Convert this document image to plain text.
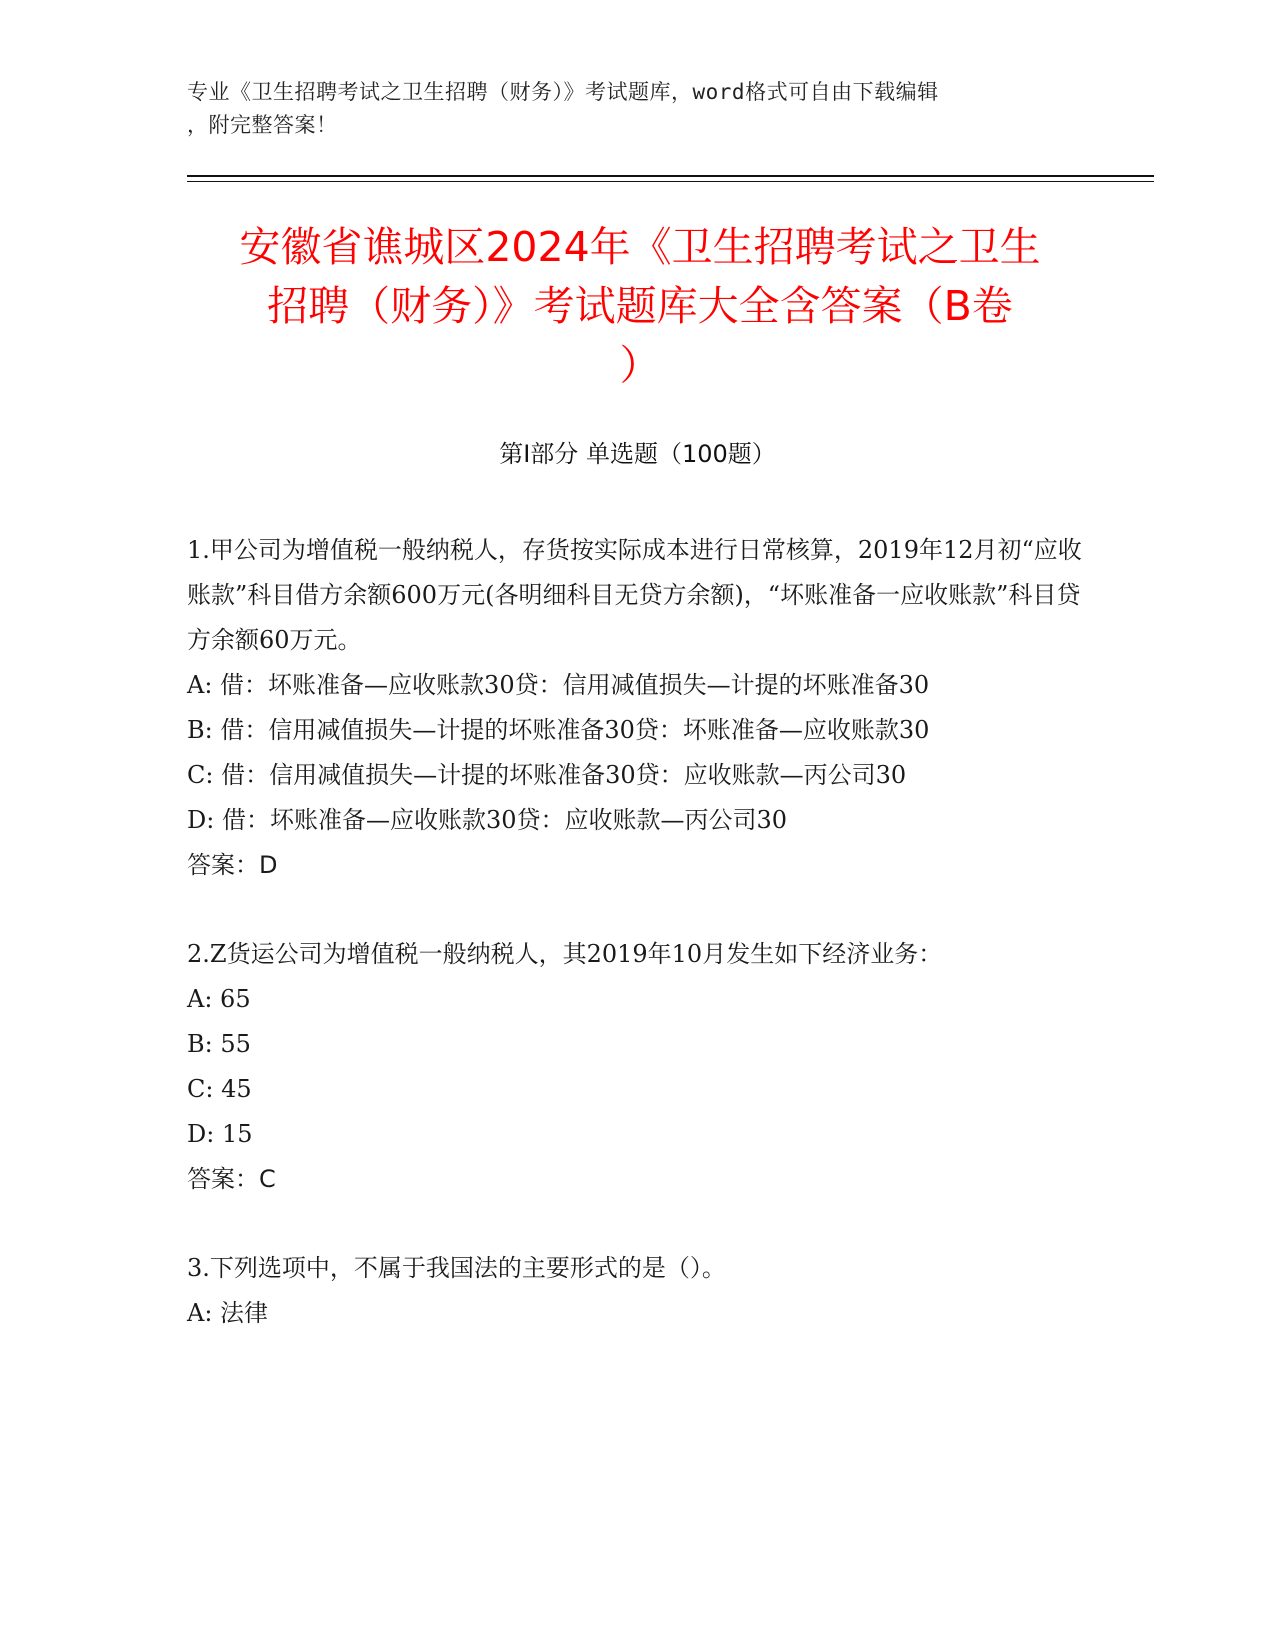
专业《卫生招聘考试之卫生招聘（财务）》考试题库，word格式可自由下载编辑
，附完整答案！
安徽省谯城区2024年《卫生招聘考试之卫生
招聘（财务）》考试题库大全含答案（B卷
）
第I部分 单选题（100题）
1.甲公司为增值税一般纳税人，存货按实际成本进行日常核算，2019年12月初“应收账款”科目借方余额600万元(各明细科目无贷方余额)，“坏账准备一应收账款”科目贷方余额60万元。
A: 借：坏账准备—应收账款30贷：信用减值损失—计提的坏账准备30
B: 借：信用减值损失—计提的坏账准备30贷：坏账准备—应收账款30
C: 借：信用减值损失—计提的坏账准备30贷：应收账款—丙公司30
D: 借：坏账准备—应收账款30贷：应收账款—丙公司30
答案：D
2.Z货运公司为增值税一般纳税人，其2019年10月发生如下经济业务：
A: 65
B: 55
C: 45
D: 15
答案：C
3.下列选项中，不属于我国法的主要形式的是（）。
A: 法律
